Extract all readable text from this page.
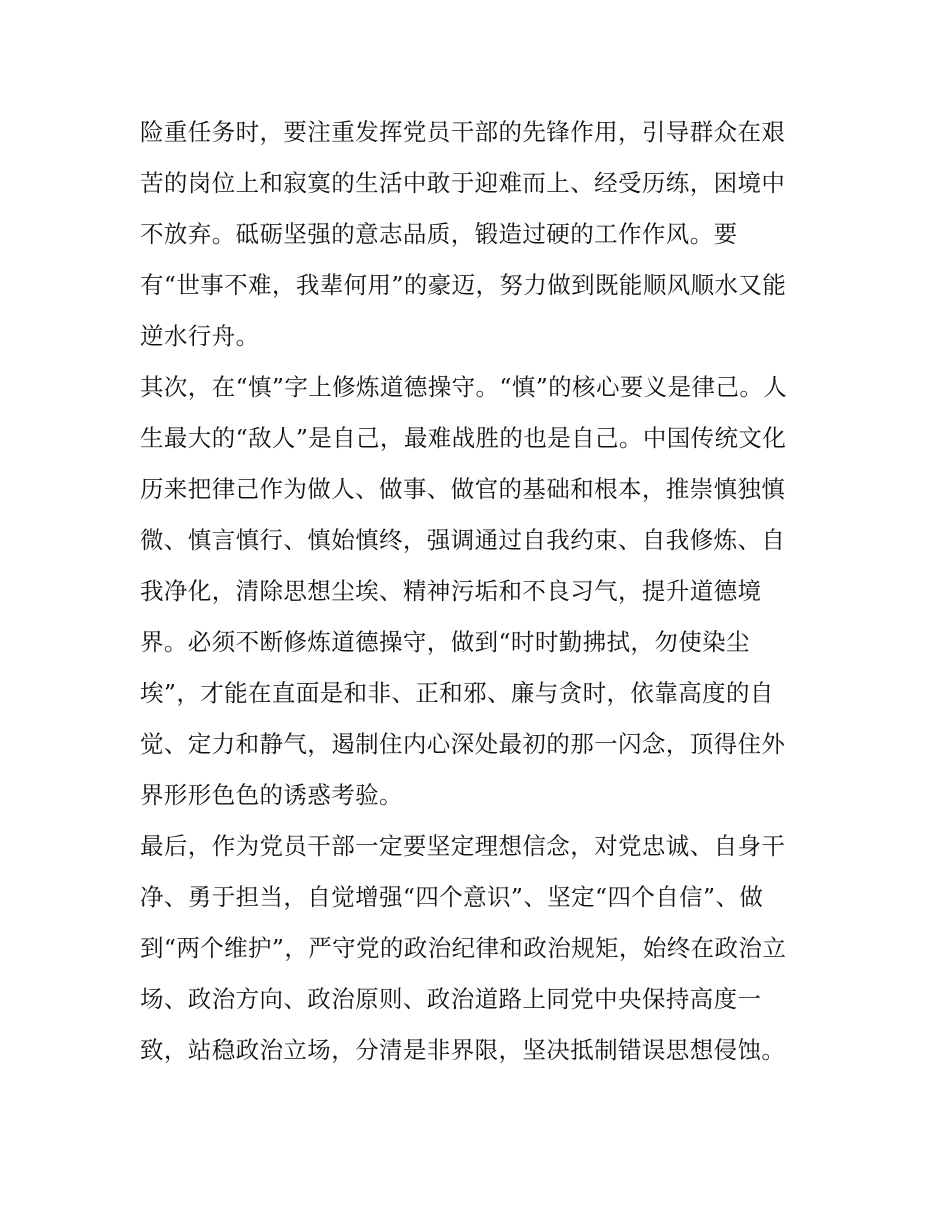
险重任务时，要注重发挥党员干部的先锋作用，引导群众在艰
苦的岗位上和寂寞的生活中敢于迎难而上、经受历练，困境中
不放弃。砥砺坚强的意志品质，锻造过硬的工作作风。要
有“世事不难，我辈何用”的豪迈，努力做到既能顺风顺水又能
逆水行舟。
其次，在“慎”字上修炼道德操守。“慎”的核心要义是律己。人
生最大的“敌人”是自己，最难战胜的也是自己。中国传统文化
历来把律己作为做人、做事、做官的基础和根本，推崇慎独慎
微、慎言慎行、慎始慎终，强调通过自我约束、自我修炼、自
我净化，清除思想尘埃、精神污垢和不良习气，提升道德境
界。必须不断修炼道德操守，做到“时时勤拂拭，勿使染尘
埃”，才能在直面是和非、正和邪、廉与贪时，依靠高度的自
觉、定力和静气，遏制住内心深处最初的那一闪念，顶得住外
界形形色色的诱惑考验。
最后，作为党员干部一定要坚定理想信念，对党忠诚、自身干
净、勇于担当，自觉增强“四个意识”、坚定“四个自信”、做
到“两个维护”，严守党的政治纪律和政治规矩，始终在政治立
场、政治方向、政治原则、政治道路上同党中央保持高度一
致，站稳政治立场，分清是非界限，坚决抵制错误思想侵蚀。
